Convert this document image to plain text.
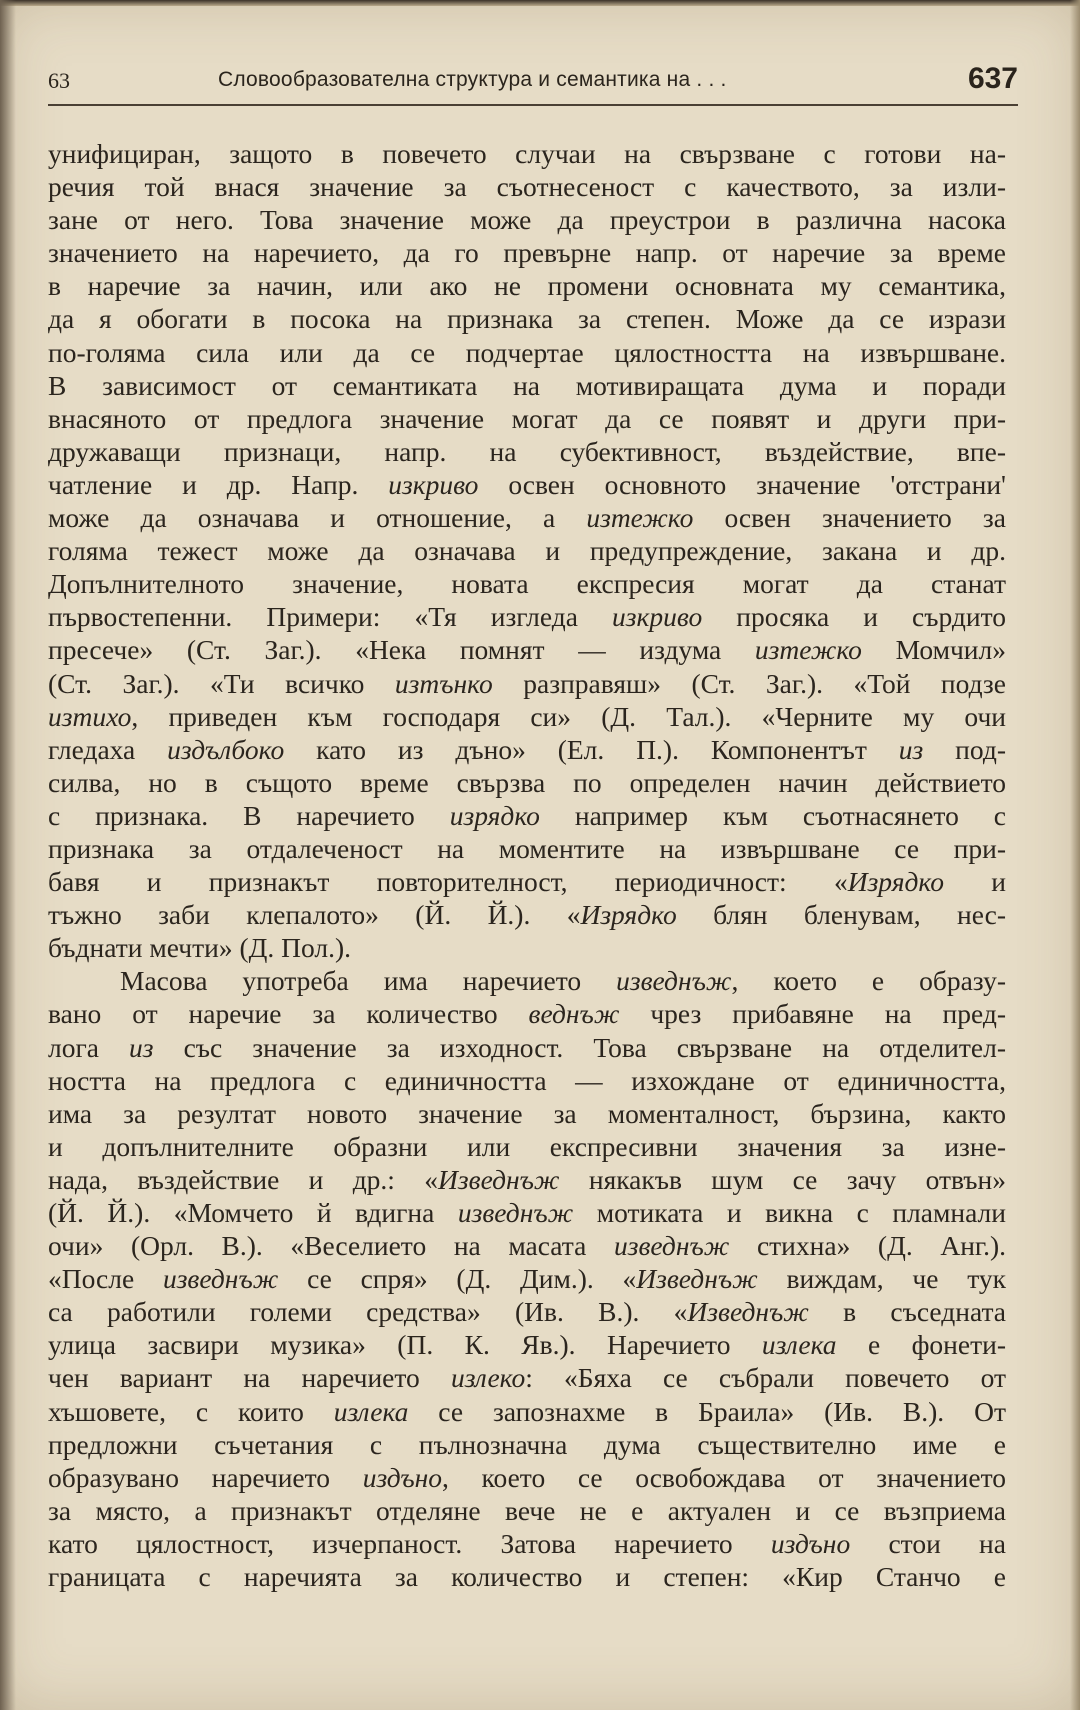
63	Словообразователна структура и семантика на . . .	637
унифициран, защото в повечето случаи на свързване с готови на-
речия той внася значение за съотнесеност с качеството, за изли-
зане от него. Това значение може да преустрои в различна насока
значението на наречието, да го превърне напр. от наречие за време
в наречие за начин, или ако не промени основната му семантика,
да я обогати в посока на признака за степен. Може да се изрази
по-голяма сила или да се подчертае цялостността на извършване.
В зависимост от семантиката на мотивиращата дума и поради
внасяното от предлога значение могат да се появят и други при-
дружаващи признаци, напр. на субективност, въздействие, впе-
чатление и др. Напр. изкриво освен основното значение 'отстрани'
може да означава и отношение, а изтежко освен значението за
голяма тежест може да означава и предупреждение, закана и др.
Допълнителното значение, новата експресия могат да станат
първостепенни. Примери: «Тя изгледа изкриво просяка и сърдито
пресече» (Ст. Заг.). «Нека помнят — издума изтежко Момчил»
(Ст. Заг.). «Ти всичко изтънко разправяш» (Ст. Заг.). «Той подзе
изтихо, приведен към господаря си» (Д. Тал.). «Черните му очи
гледаха издълбоко като из дъно» (Ел. П.). Компонентът из под-
силва, но в същото време свързва по определен начин действието
с признака. В наречието изрядко например към съотнасянето с
признака за отдалеченост на моментите на извършване се при-
бавя и признакът повторителност, периодичност: «Изрядко и
тъжно заби клепалото» (Й. Й.). «Изрядко блян бленувам, нес-
бъднати мечти» (Д. Пол.).
Масова употреба има наречието изведнъж, което е образу-
вано от наречие за количество веднъж чрез прибавяне на пред-
лога из със значение за изходност. Това свързване на отделител-
ността на предлога с единичността — изхождане от единичността,
има за резултат новото значение за моменталност, бързина, както
и допълнителните образни или експресивни значения за изне-
нада, въздействие и др.: «Изведнъж някакъв шум се зачу отвън»
(Й. Й.). «Момчето й вдигна изведнъж мотиката и викна с пламнали
очи» (Орл. В.). «Веселието на масата изведнъж стихна» (Д. Анг.).
«После изведнъж се спря» (Д. Дим.). «Изведнъж виждам, че тук
са работили големи средства» (Ив. В.). «Изведнъж в съседната
улица засвири музика» (П. К. Яв.). Наречието излека е фонети-
чен вариант на наречието излеко: «Бяха се събрали повечето от
хъшовете, с които излека се запознахме в Браила» (Ив. В.). От
предложни съчетания с пълнозначна дума съществително име е
образувано наречието издъно, което се освобождава от значението
за място, а признакът отделяне вече не е актуален и се възприема
като цялостност, изчерпаност. Затова наречието издъно стои на
границата с наречията за количество и степен: «Кир Станчо е
